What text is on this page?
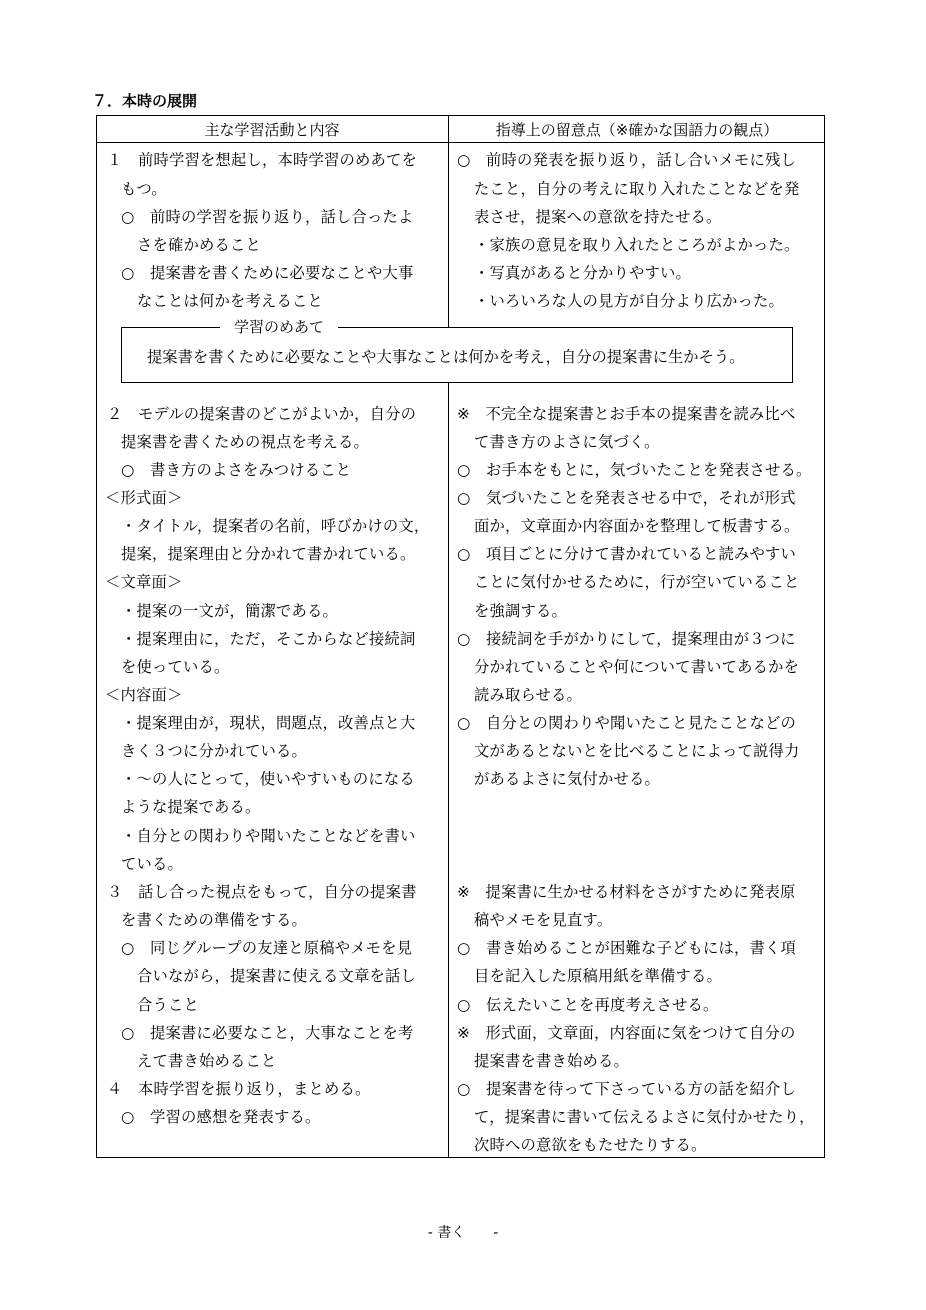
７．本時の展開
主な学習活動と内容	指導上の留意点（※確かな国語力の観点）
１　前時学習を想起し，本時学習のめあてを
もつ。
○　前時の学習を振り返り，話し合ったよ
さを確かめること
○　提案書を書くために必要なことや大事
なことは何かを考えること
２　モデルの提案書のどこがよいか，自分の
提案書を書くための視点を考える。
○　書き方のよさをみつけること
＜形式面＞
・タイトル，提案者の名前，呼びかけの文，
提案，提案理由と分かれて書かれている。
＜文章面＞
・提案の一文が，簡潔である。
・提案理由に，ただ，そこからなど接続詞
を使っている。
＜内容面＞
・提案理由が，現状，問題点，改善点と大
きく３つに分かれている。
・～の人にとって，使いやすいものになる
ような提案である。
・自分との関わりや聞いたことなどを書い
ている。
３　話し合った視点をもって，自分の提案書
を書くための準備をする。
○　同じグループの友達と原稿やメモを見
合いながら，提案書に使える文章を話し
合うこと
○　提案書に必要なこと，大事なことを考
えて書き始めること
４　本時学習を振り返り，まとめる。
○　学習の感想を発表する。
○　前時の発表を振り返り，話し合いメモに残し
たこと，自分の考えに取り入れたことなどを発
表させ，提案への意欲を持たせる。
・家族の意見を取り入れたところがよかった。
・写真があると分かりやすい。
・いろいろな人の見方が自分より広かった。
※　不完全な提案書とお手本の提案書を読み比べ
て書き方のよさに気づく。
○　お手本をもとに，気づいたことを発表させる。
○　気づいたことを発表させる中で，それが形式
面か，文章面か内容面かを整理して板書する。
○　項目ごとに分けて書かれていると読みやすい
ことに気付かせるために，行が空いていること
を強調する。
○　接続詞を手がかりにして，提案理由が３つに
分かれていることや何について書いてあるかを
読み取らせる。
○　自分との関わりや聞いたこと見たことなどの
文があるとないとを比べることによって説得力
があるよさに気付かせる。
※　提案書に生かせる材料をさがすために発表原
稿やメモを見直す。
○　書き始めることが困難な子どもには，書く項
目を記入した原稿用紙を準備する。
○　伝えたいことを再度考えさせる。
※　形式面，文章面，内容面に気をつけて自分の
提案書を書き始める。
○　提案書を待って下さっている方の話を紹介し
て，提案書に書いて伝えるよさに気付かせたり，
次時への意欲をもたせたりする。
学習のめあて
提案書を書くために必要なことや大事なことは何かを考え，自分の提案書に生かそう。
- 書く　　-
